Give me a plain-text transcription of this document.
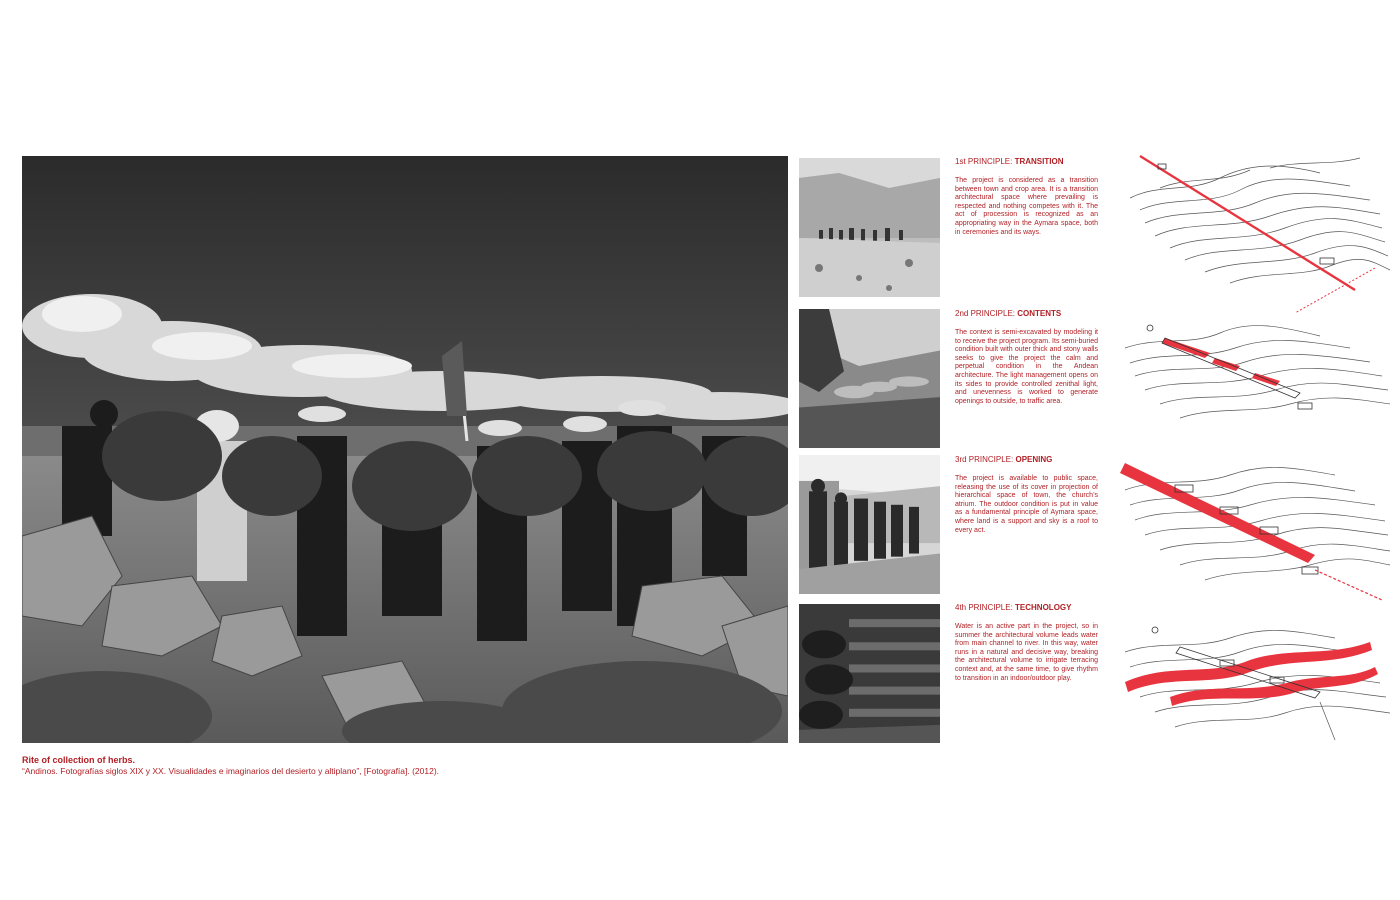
Rite of collection of herbs.
“Andinos. Fotografías siglos XIX y XX. Visualidades e imaginarios del desierto y altiplano”, [Fotografía]. (2012).

1st PRINCIPLE: TRANSITION

The project is considered as a transition between town and crop area. It is a transition architectural space where prevailing is respected and nothing competes with it. The act of procession is recognized as an appropriating way in the Aymara space, both in ceremonies and its ways.

2nd PRINCIPLE: CONTENTS

The context is semi-excavated by modeling it to receive the project program. Its semi-buried condition built with outer thick and stony walls seeks to give the project the calm and perpetual condition in the Andean architecture. The light management opens on its sides to provide controlled zenithal light, and unevenness is worked to generate openings to outside, to traffic area.

3rd PRINCIPLE: OPENING

The project is available to public space, releasing the use of its cover in projection of hierarchical space of town, the church’s atrium. The outdoor condition is put in value as a fundamental principle of Aymara space, where land is a support and sky is a roof to every act.

4th PRINCIPLE: TECHNOLOGY

Water is an active part in the project, so in summer the architectural volume leads water from main channel to river. In this way, water runs in a natural and decisive way, breaking the architectural volume to irrigate terracing context and, at the same time, to give rhythm to transition in an indoor/outdoor play.
